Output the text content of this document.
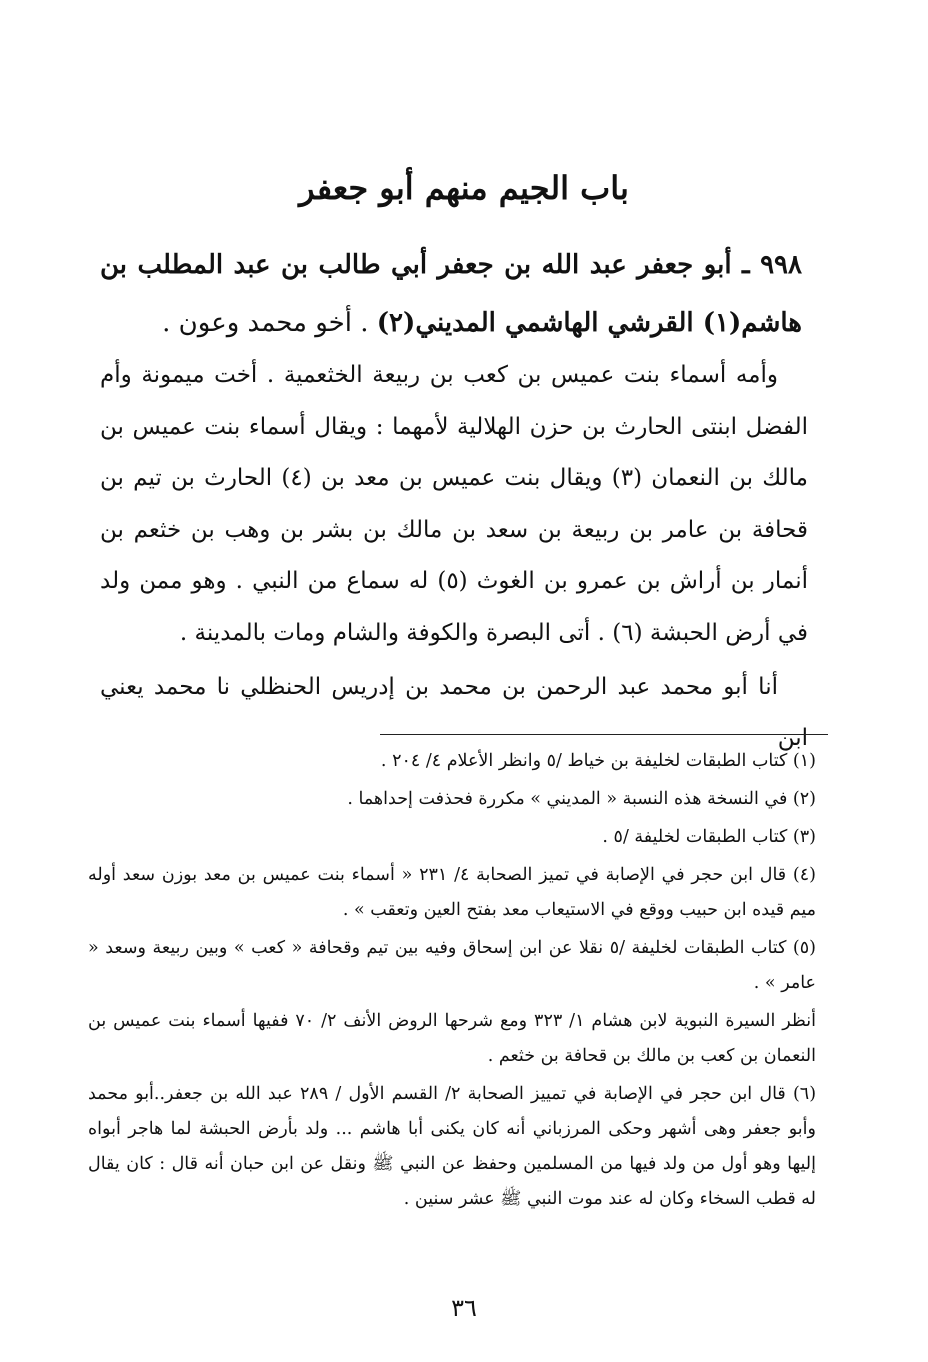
باب الجيم منهم أبو جعفر
٩٩٨ ـ أبو جعفر عبد الله بن جعفر أبي طالب بن عبد المطلب بن هاشم(١) القرشي الهاشمي المديني(٢) . أخو محمد وعون .
وأمه أسماء بنت عميس بن كعب بن ربيعة الخثعمية . أخت ميمونة وأم الفضل ابنتى الحارث بن حزن الهلالية لأمهما : ويقال أسماء بنت عميس بن مالك بن النعمان (٣) ويقال بنت عميس بن معد بن (٤) الحارث بن تيم بن قحافة بن عامر بن ربيعة بن سعد بن مالك بن بشر بن وهب بن خثعم بن أنمار بن أراش بن عمرو بن الغوث (٥) له سماع من النبي . وهو ممن ولد في أرض الحبشة (٦) . أتى البصرة والكوفة والشام ومات بالمدينة .
أنا أبو محمد عبد الرحمن بن محمد بن إدريس الحنظلي نا محمد يعني ابن
(١) كتاب الطبقات لخليفة بن خياط /٥ وانظر الأعلام ٤/ ٢٠٤ .
(٢) في النسخة هذه النسبة « المديني » مكررة فحذفت إحداهما .
(٣) كتاب الطبقات لخليفة /٥ .
(٤) قال ابن حجر في الإصابة في تميز الصحابة ٤/ ٢٣١ « أسماء بنت عميس بن معد بوزن سعد أوله ميم قيده ابن حبيب ووقع في الاستيعاب معد بفتح العين وتعقب » .
(٥) كتاب الطبقات لخليفة /٥ نقلا عن ابن إسحاق وفيه بين تيم وقحافة « كعب » وبين ربيعة وسعد « عامر » .
أنظر السيرة النبوية لابن هشام ١/ ٣٢٣ ومع شرحها الروض الأنف ٢/ ٧٠ ففيها أسماء بنت عميس بن النعمان بن كعب بن مالك بن قحافة بن خثعم .
(٦) قال ابن حجر في الإصابة في تمييز الصحابة ٢/ القسم الأول / ٢٨٩ عبد الله بن جعفر..أبو محمد وأبو جعفر وهى أشهر وحكى المرزباني أنه كان يكنى أبا هاشم ... ولد بأرض الحبشة لما هاجر أبواه إليها وهو أول من ولد فيها من المسلمين وحفظ عن النبي ﷺ ونقل عن ابن حبان أنه قال : كان يقال له قطب السخاء وكان له عند موت النبي ﷺ عشر سنين .
٣٦
